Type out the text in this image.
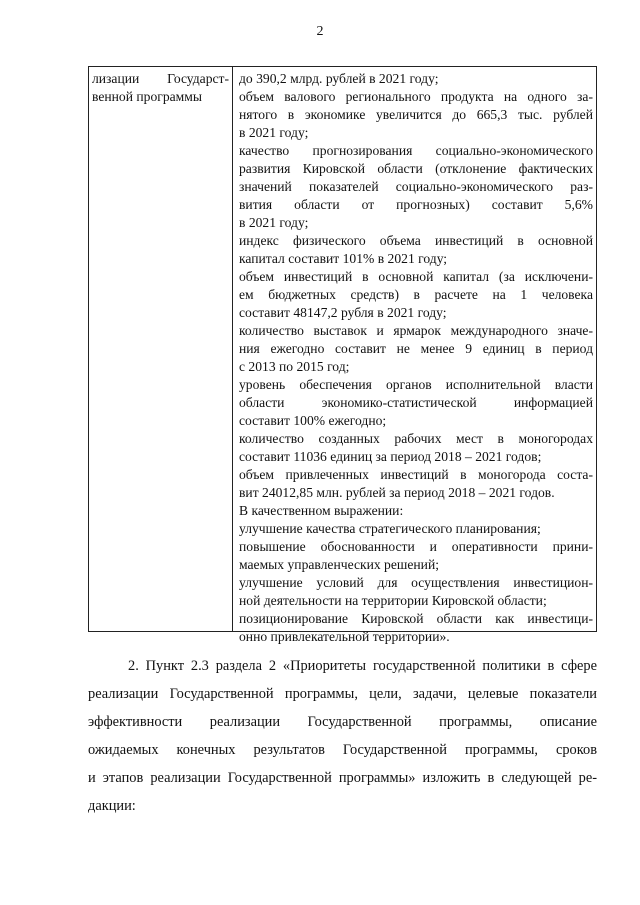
2
лизации Государст-
венной программы
до 390,2 млрд. рублей в 2021 году;
объем валового регионального продукта на одного за-
нятого в экономике увеличится до 665,3 тыс. рублей
в 2021 году;
качество прогнозирования социально-экономического
развития Кировской области (отклонение фактических
значений показателей социально-экономического раз-
вития области от прогнозных) составит 5,6%
в 2021 году;
индекс физического объема инвестиций в основной
капитал составит 101% в 2021 году;
объем инвестиций в основной капитал (за исключени-
ем бюджетных средств) в расчете на 1 человека
составит 48147,2 рубля в 2021 году;
количество выставок и ярмарок международного значе-
ния ежегодно составит не менее 9 единиц в период
с 2013 по 2015 год;
уровень обеспечения органов исполнительной власти
области экономико-статистической информацией
составит 100% ежегодно;
количество созданных рабочих мест в моногородах
составит 11036 единиц за период 2018 – 2021 годов;
объем привлеченных инвестиций в моногорода соста-
вит 24012,85 млн. рублей за период 2018 – 2021 годов.
В качественном выражении:
улучшение качества стратегического планирования;
повышение обоснованности и оперативности прини-
маемых управленческих решений;
улучшение условий для осуществления инвестицион-
ной деятельности на территории Кировской области;
позиционирование Кировской области как инвестици-
онно привлекательной территории».
2. Пункт 2.3 раздела 2 «Приоритеты государственной политики в сфере
реализации Государственной программы, цели, задачи, целевые показатели
эффективности реализации Государственной программы, описание
ожидаемых конечных результатов Государственной программы, сроков
и этапов реализации Государственной программы» изложить в следующей ре-
дакции:
